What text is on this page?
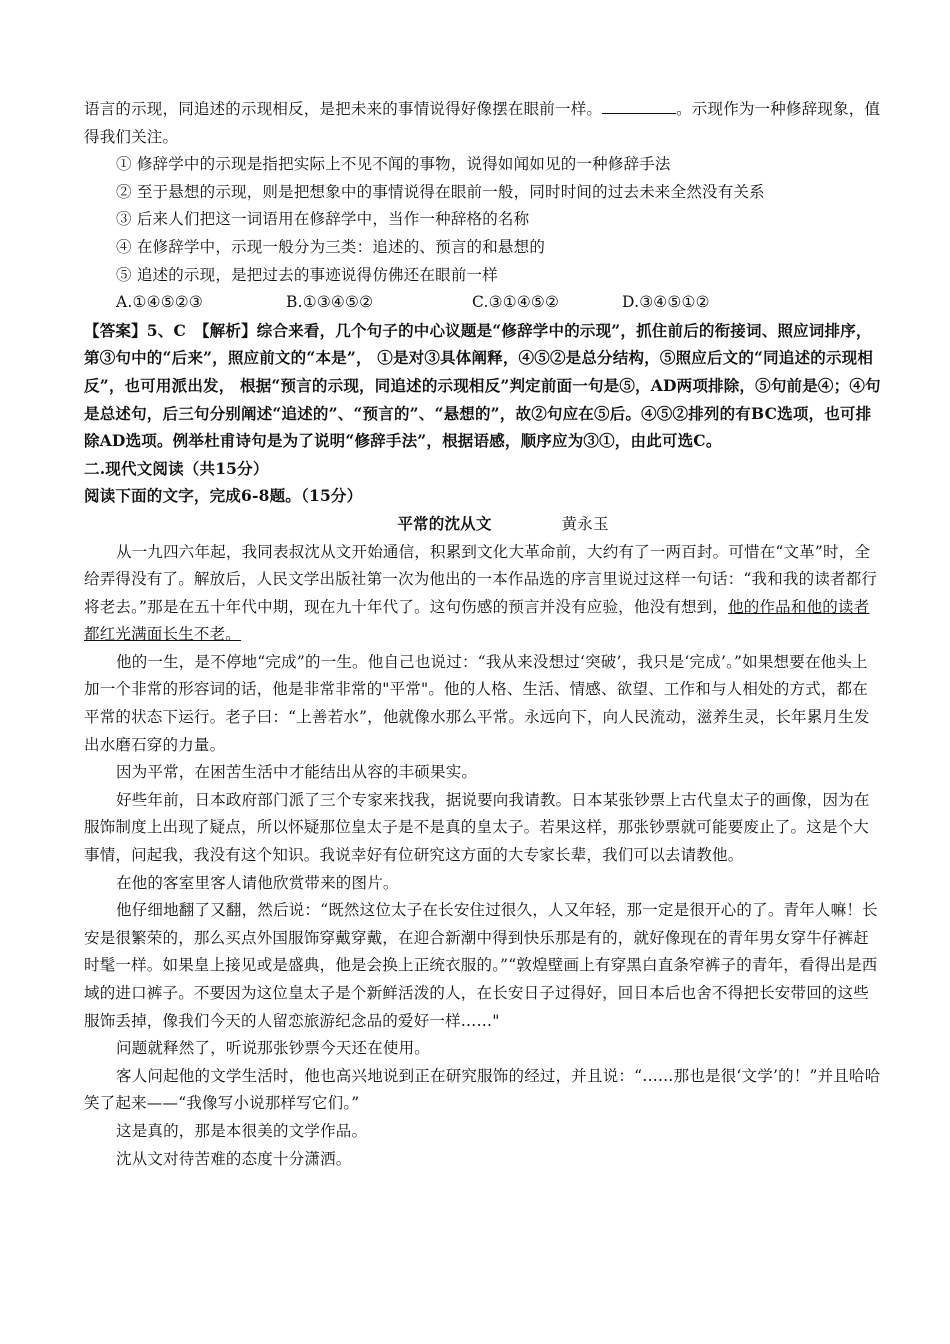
语言的示现，同追述的示现相反，是把未来的事情说得好像摆在眼前一样。	。示现作为一种修辞现象，值得我们关注。

① 修辞学中的示现是指把实际上不见不闻的事物，说得如闻如见的一种修辞手法

② 至于悬想的示现，则是把想象中的事情说得在眼前一般，同时时间的过去未来全然没有关系

③ 后来人们把这一词语用在修辞学中，当作一种辞格的名称

④ 在修辞学中，示现一般分为三类：追述的、预言的和悬想的

⑤ 追述的示现，是把过去的事迹说得仿佛还在眼前一样

A.①④⑤②③	B.①③④⑤②	C.③①④⑤②	D.③④⑤①②

【答案】5、C　【解析】综合来看，几个句子的中心议题是“修辞学中的示现”，抓住前后的衔接词、照应词排序，第③句中的“后来”，照应前文的“本是”， ①是对③具体阐释，④⑤②是总分结构，⑤照应后文的“同追述的示现相反”，也可用派出发， 根据“预言的示现，同追述的示现相反”判定前面一句是⑤，AD两项排除，⑤句前是④；④句是总述句，后三句分别阐述“追述的”、“预言的”、“悬想的”，故②句应在⑤后。④⑤②排列的有BC选项，也可排除AD选项。例举杜甫诗句是为了说明“修辞手法”，根据语感，顺序应为③①，由此可选C。

二.现代文阅读（共15分）

阅读下面的文字，完成6-8题。（15分）

平常的沈从文	黄永玉

从一九四六年起，我同表叔沈从文开始通信，积累到文化大革命前，大约有了一两百封。可惜在“文革”时，全给弄得没有了。解放后，人民文学出版社第一次为他出的一本作品选的序言里说过这样一句话：“我和我的读者都行将老去。”那是在五十年代中期，现在九十年代了。这句伤感的预言并没有应验，他没有想到，他的作品和他的读者都红光满面长生不老。

他的一生，是不停地“完成”的一生。他自己也说过：“我从来没想过‘突破’，我只是‘完成’。”如果想要在他头上加一个非常的形容词的话，他是非常非常的"平常"。他的人格、生活、情感、欲望、工作和与人相处的方式，都在平常的状态下运行。老子曰：“上善若水”，他就像水那么平常。永远向下，向人民流动，滋养生灵，长年累月生发出水磨石穿的力量。

因为平常，在困苦生活中才能结出从容的丰硕果实。

好些年前，日本政府部门派了三个专家来找我，据说要向我请教。日本某张钞票上古代皇太子的画像，因为在服饰制度上出现了疑点，所以怀疑那位皇太子是不是真的皇太子。若果这样，那张钞票就可能要废止了。这是个大事情，问起我，我没有这个知识。我说幸好有位研究这方面的大专家长辈，我们可以去请教他。

在他的客室里客人请他欣赏带来的图片。

他仔细地翻了又翻，然后说：“既然这位太子在长安住过很久，人又年轻，那一定是很开心的了。青年人嘛！长安是很繁荣的，那么买点外国服饰穿戴穿戴，在迎合新潮中得到快乐那是有的，就好像现在的青年男女穿牛仔裤赶时髦一样。如果皇上接见或是盛典，他是会换上正统衣服的。”“敦煌壁画上有穿黑白直条窄裤子的青年，看得出是西域的进口裤子。不要因为这位皇太子是个新鲜活泼的人，在长安日子过得好，回日本后也舍不得把长安带回的这些服饰丢掉，像我们今天的人留恋旅游纪念品的爱好一样……"

问题就释然了，听说那张钞票今天还在使用。

客人问起他的文学生活时，他也高兴地说到正在研究服饰的经过，并且说：“……那也是很‘文学’的！”并且哈哈笑了起来——“我像写小说那样写它们。”

这是真的，那是本很美的文学作品。

沈从文对待苦难的态度十分潇洒。
